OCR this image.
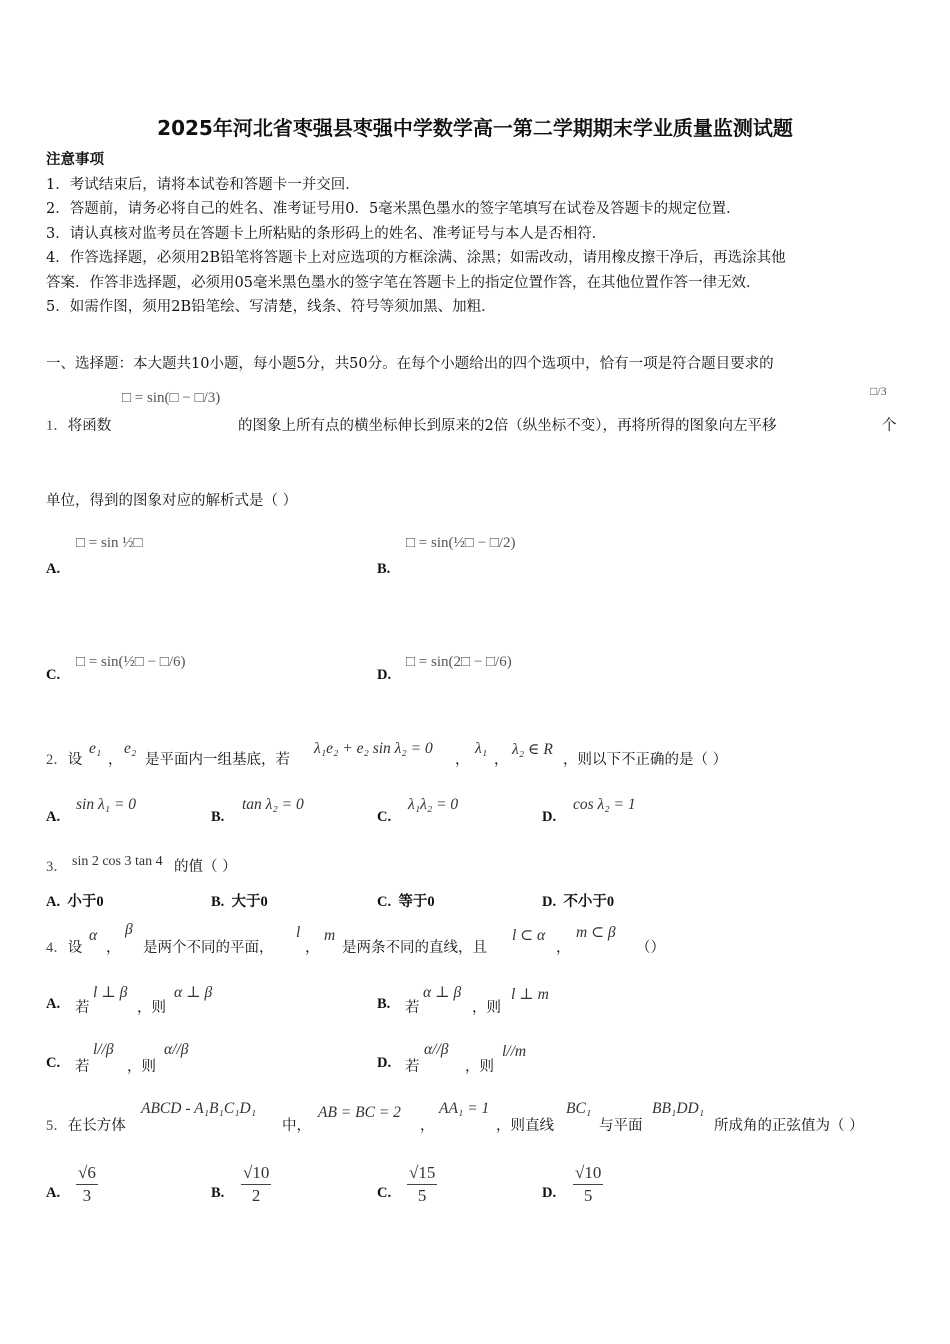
2025年河北省枣强县枣强中学数学高一第二学期期末学业质量监测试题
注意事项
1．考试结束后，请将本试卷和答题卡一并交回．
2．答题前，请务必将自己的姓名、准考证号用0．5毫米黑色墨水的签字笔填写在试卷及答题卡的规定位置．
3．请认真核对监考员在答题卡上所粘贴的条形码上的姓名、准考证号与本人是否相符．
4．作答选择题，必须用2B铅笔将答题卡上对应选项的方框涂满、涂黑；如需改动，请用橡皮擦干净后，再选涂其他
答案．作答非选择题，必须用05毫米黑色墨水的签字笔在答题卡上的指定位置作答，在其他位置作答一律无效．
5．如需作图，须用2B铅笔绘、写清楚，线条、符号等须加黑、加粗．
一、选择题：本大题共10小题，每小题5分，共50分。在每个小题给出的四个选项中，恰有一项是符合题目要求的
□ = sin(□ − □/3)
1．将函数	的图象上所有点的横坐标伸长到原来的2倍（纵坐标不变），再将所得的图象向左平移
□/3
个
单位，得到的图象对应的解析式是（ ）
□ = sin ½□
A.
□ = sin(½□ − □/2)
B.
□ = sin(½□ − □/6)
C.
□ = sin(2□ − □/6)
D.
2．设
e₁
，
e₂
是平面内一组基底，若
λ₁e₂ + e₂ sin λ₂ = 0
，
λ₁
，
λ₂ ∈ R
，则以下不正确的是（ ）
A.
sin λ₁ = 0
B.
tan λ₂ = 0
C.
λ₁λ₂ = 0
D.
cos λ₂ = 1
3． sin 2 cos 3 tan 4 的值（ ）
A. 小于0	B. 大于0	C. 等于0	D. 不小于0
4．设
α
，
β
是两个不同的平面，
l
，
m
是两条不同的直线，且
l ⊂ α
，
m ⊂ β
（）
A. 若
l ⊥ β
，则
α ⊥ β
B. 若
α ⊥ β
，则
l ⊥ m
C. 若
l//β
，则
α//β
D. 若
α//β
，则
l//m
5．在长方体
ABCD - A₁B₁C₁D₁
中，
AB = BC = 2
，
AA₁ = 1
，则直线
BC₁
与平面
BB₁DD₁
所成角的正弦值为（ ）
A. $\frac{√6}{3}$	B. $\frac{√10}{2}$	C. $\frac{√15}{5}$	D. $\frac{√10}{5}$
